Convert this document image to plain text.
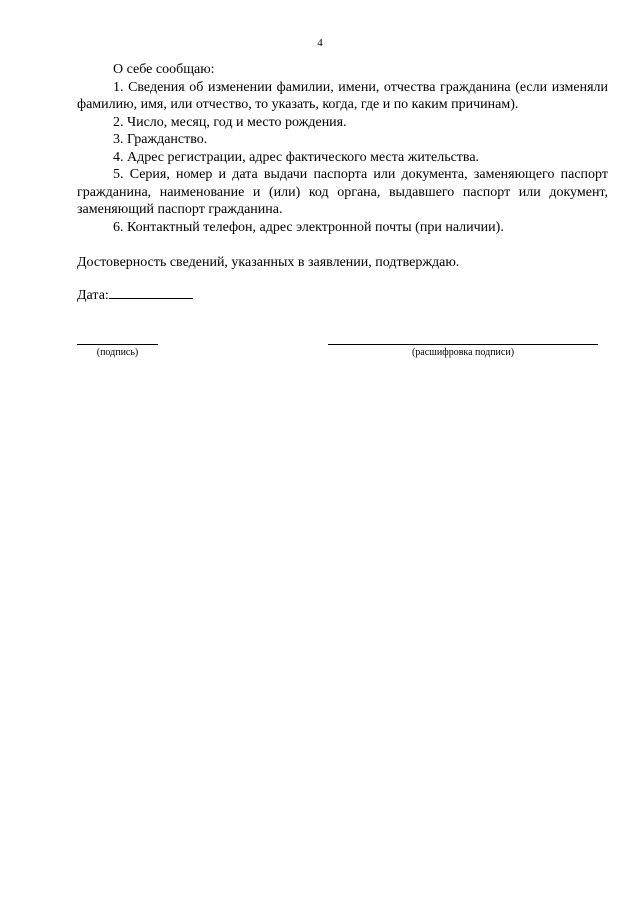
4

О себе сообщаю:

1. Сведения об изменении фамилии, имени, отчества гражданина (если изменяли фамилию, имя, или отчество, то указать, когда, где и по каким причинам).

2. Число, месяц, год и место рождения.

3. Гражданство.

4. Адрес регистрации, адрес фактического места жительства.

5. Серия, номер и дата выдачи паспорта или документа, заменяющего паспорт гражданина, наименование и (или) код органа, выдавшего паспорт или документ, заменяющий паспорт гражданина.

6. Контактный телефон, адрес электронной почты (при наличии).

Достоверность сведений, указанных в заявлении, подтверждаю.

Дата:

(подпись)	(расшифровка подписи)
